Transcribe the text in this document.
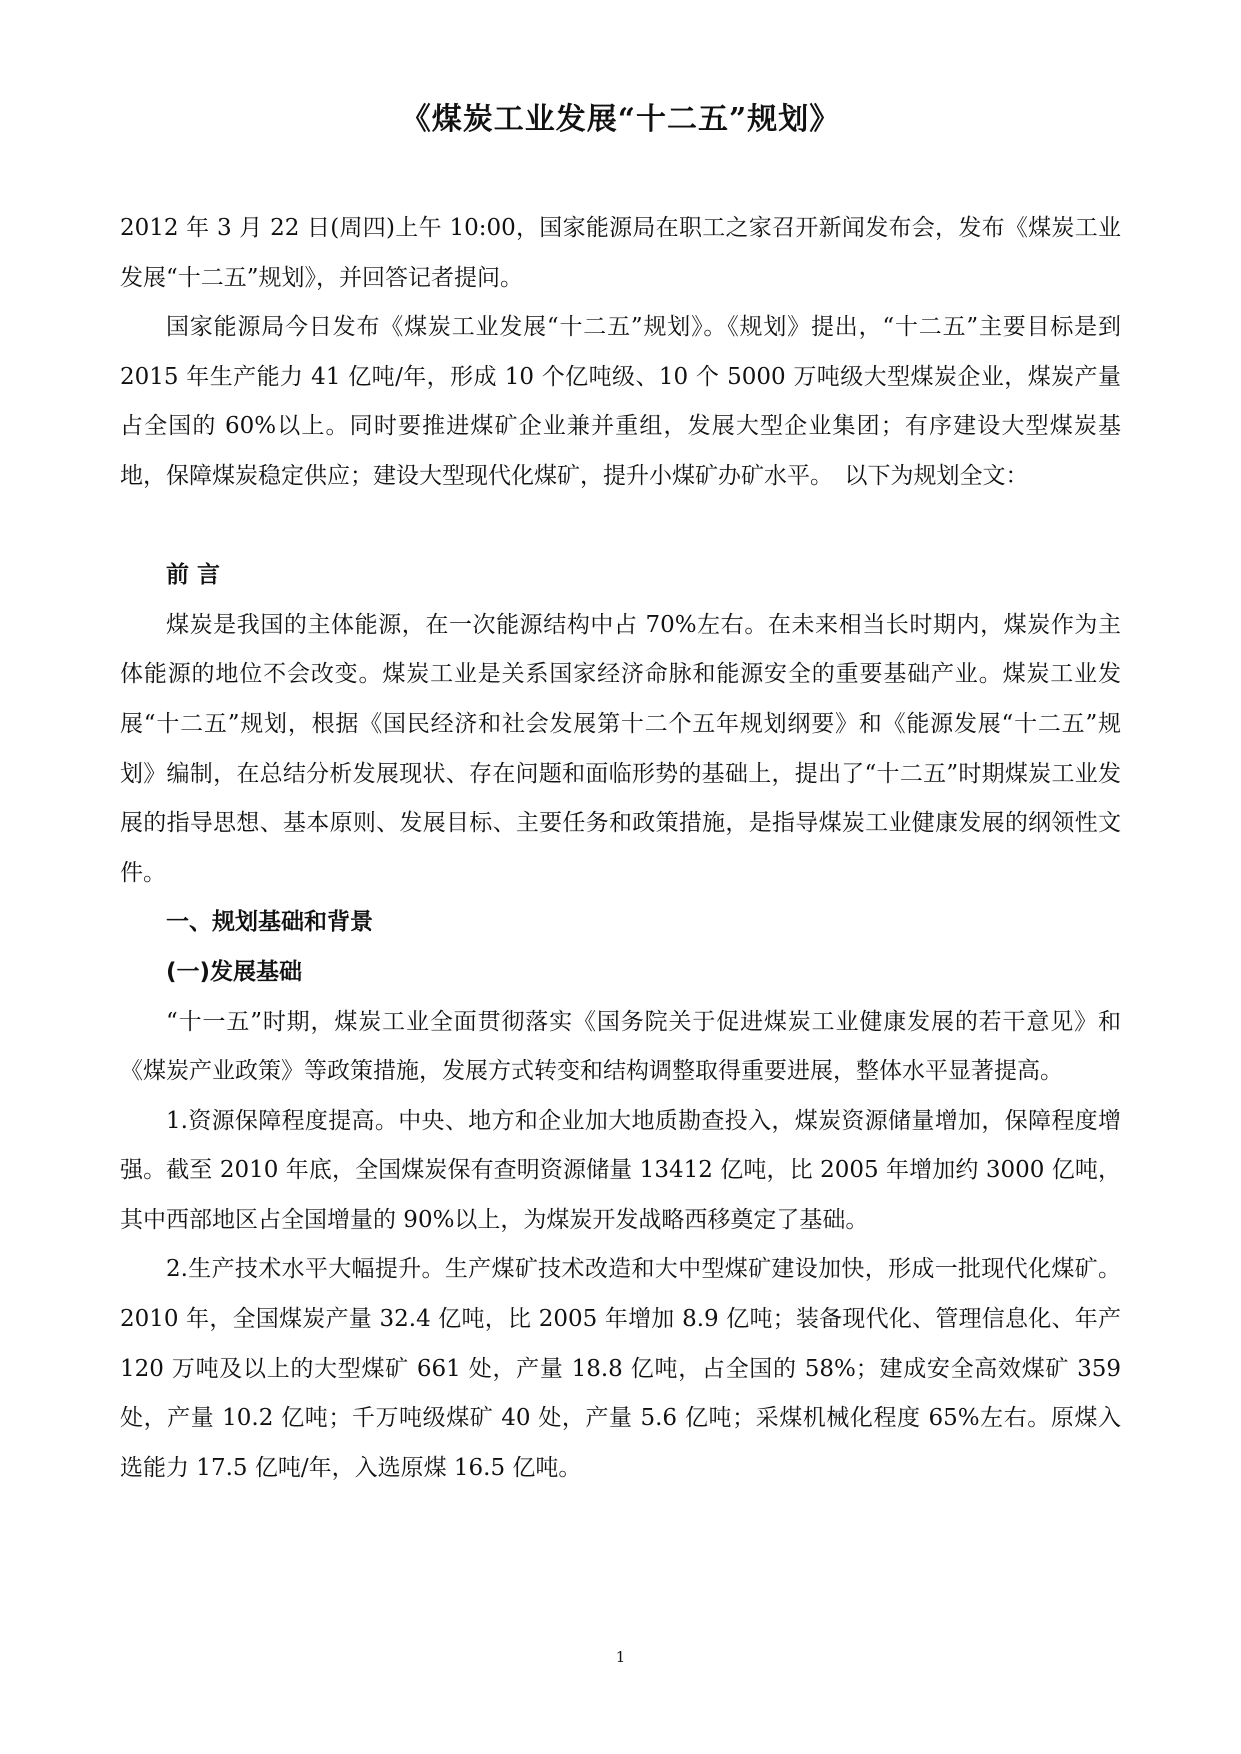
《煤炭工业发展“十二五”规划》

2012 年 3 月 22 日(周四)上午 10:00，国家能源局在职工之家召开新闻发布会，发布《煤炭工业发展“十二五”规划》，并回答记者提问。

国家能源局今日发布《煤炭工业发展“十二五”规划》。《规划》提出，“十二五”主要目标是到 2015 年生产能力 41 亿吨/年，形成 10 个亿吨级、10 个 5000 万吨级大型煤炭企业，煤炭产量占全国的 60%以上。同时要推进煤矿企业兼并重组，发展大型企业集团；有序建设大型煤炭基地，保障煤炭稳定供应；建设大型现代化煤矿，提升小煤矿办矿水平。　以下为规划全文：

前 言

煤炭是我国的主体能源，在一次能源结构中占 70%左右。在未来相当长时期内，煤炭作为主体能源的地位不会改变。煤炭工业是关系国家经济命脉和能源安全的重要基础产业。煤炭工业发展“十二五”规划，根据《国民经济和社会发展第十二个五年规划纲要》和《能源发展“十二五”规划》编制，在总结分析发展现状、存在问题和面临形势的基础上，提出了“十二五”时期煤炭工业发展的指导思想、基本原则、发展目标、主要任务和政策措施，是指导煤炭工业健康发展的纲领性文件。

一、规划基础和背景

(一)发展基础

“十一五”时期，煤炭工业全面贯彻落实《国务院关于促进煤炭工业健康发展的若干意见》和《煤炭产业政策》等政策措施，发展方式转变和结构调整取得重要进展，整体水平显著提高。

1.资源保障程度提高。中央、地方和企业加大地质勘查投入，煤炭资源储量增加，保障程度增强。截至 2010 年底，全国煤炭保有查明资源储量 13412 亿吨，比 2005 年增加约 3000 亿吨，其中西部地区占全国增量的 90%以上，为煤炭开发战略西移奠定了基础。

2.生产技术水平大幅提升。生产煤矿技术改造和大中型煤矿建设加快，形成一批现代化煤矿。2010 年，全国煤炭产量 32.4 亿吨，比 2005 年增加 8.9 亿吨；装备现代化、管理信息化、年产 120 万吨及以上的大型煤矿 661 处，产量 18.8 亿吨，占全国的 58%；建成安全高效煤矿 359 处，产量 10.2 亿吨；千万吨级煤矿 40 处，产量 5.6 亿吨；采煤机械化程度 65%左右。原煤入选能力 17.5 亿吨/年，入选原煤 16.5 亿吨。

1
